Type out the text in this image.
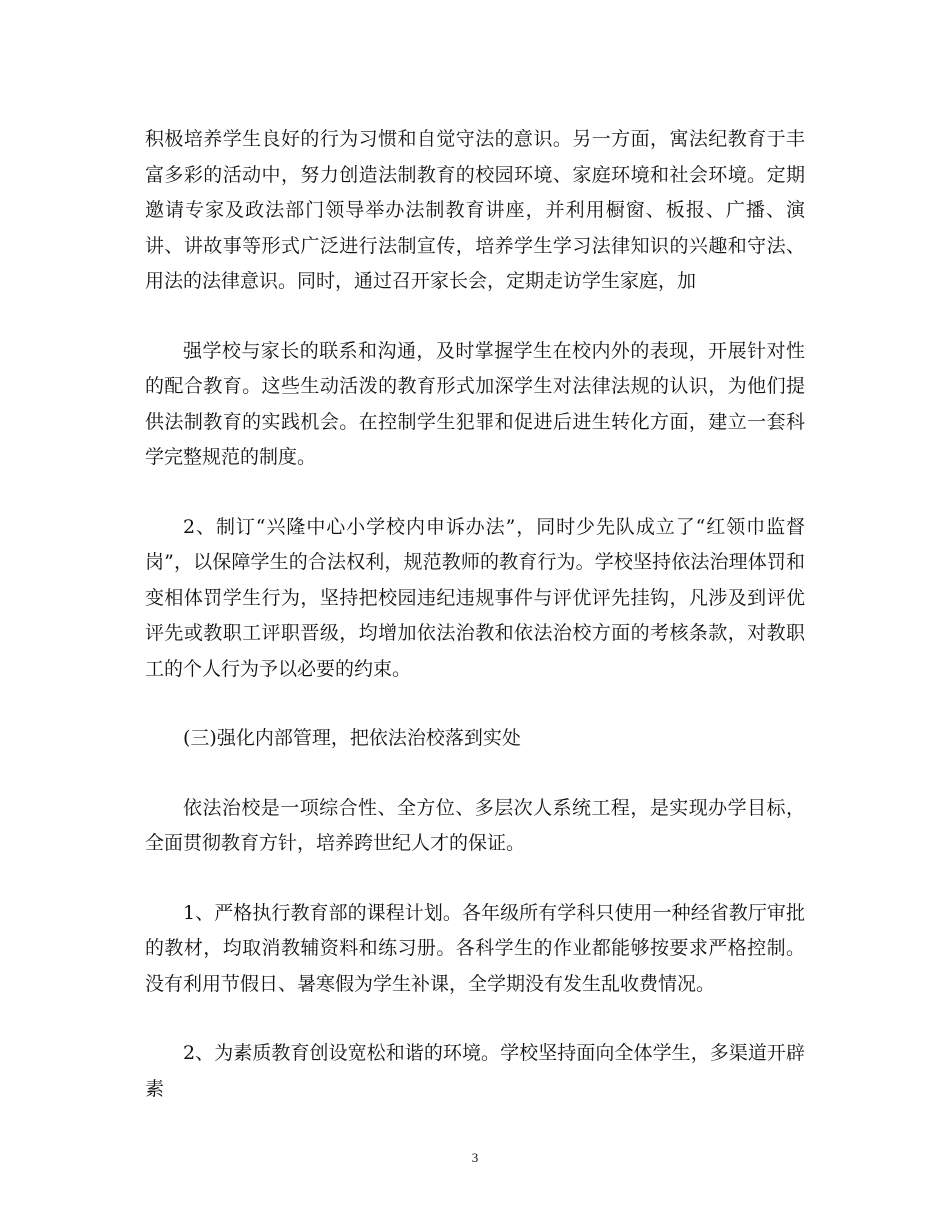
积极培养学生良好的行为习惯和自觉守法的意识。另一方面，寓法纪教育于丰富多彩的活动中，努力创造法制教育的校园环境、家庭环境和社会环境。定期邀请专家及政法部门领导举办法制教育讲座，并利用橱窗、板报、广播、演讲、讲故事等形式广泛进行法制宣传，培养学生学习法律知识的兴趣和守法、用法的法律意识。同时，通过召开家长会，定期走访学生家庭，加

强学校与家长的联系和沟通，及时掌握学生在校内外的表现，开展针对性的配合教育。这些生动活泼的教育形式加深学生对法律法规的认识，为他们提供法制教育的实践机会。在控制学生犯罪和促进后进生转化方面，建立一套科学完整规范的制度。

2、制订“兴隆中心小学校内申诉办法”，同时少先队成立了“红领巾监督岗”，以保障学生的合法权利，规范教师的教育行为。学校坚持依法治理体罚和变相体罚学生行为，坚持把校园违纪违规事件与评优评先挂钩，凡涉及到评优评先或教职工评职晋级，均增加依法治教和依法治校方面的考核条款，对教职工的个人行为予以必要的约束。

(三)强化内部管理，把依法治校落到实处

依法治校是一项综合性、全方位、多层次人系统工程，是实现办学目标，全面贯彻教育方针，培养跨世纪人才的保证。

1、严格执行教育部的课程计划。各年级所有学科只使用一种经省教厅审批的教材，均取消教辅资料和练习册。各科学生的作业都能够按要求严格控制。没有利用节假日、暑寒假为学生补课，全学期没有发生乱收费情况。

2、为素质教育创设宽松和谐的环境。学校坚持面向全体学生，多渠道开辟素

3
